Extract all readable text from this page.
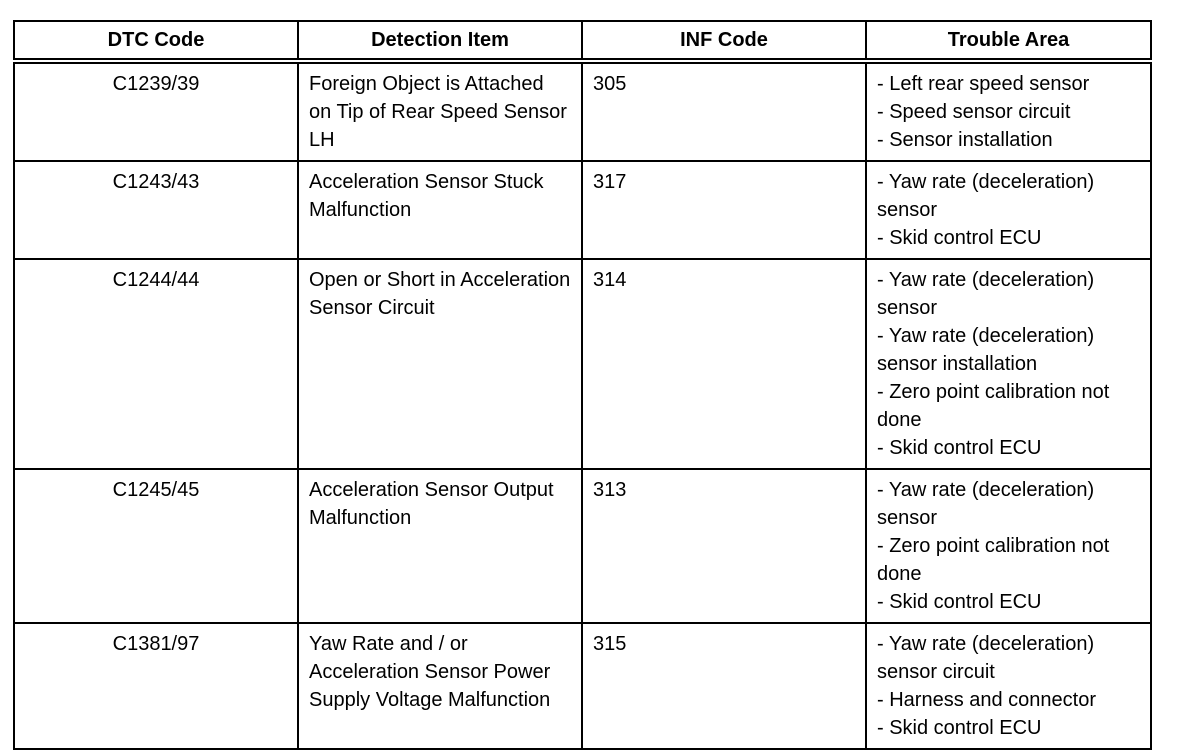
DTC Code	Detection Item	INF Code	Trouble Area
C1239/39	Foreign Object is Attached on Tip of Rear Speed Sensor LH	305	- Left rear speed sensor
- Speed sensor circuit
- Sensor installation

C1243/43	Acceleration Sensor Stuck Malfunction	317	- Yaw rate (deceleration) sensor
- Skid control ECU

C1244/44	Open or Short in Acceleration Sensor Circuit	314	- Yaw rate (deceleration) sensor
- Yaw rate (deceleration) sensor installation
- Zero point calibration not done
- Skid control ECU

C1245/45	Acceleration Sensor Output Malfunction	313	- Yaw rate (deceleration) sensor
- Zero point calibration not done
- Skid control ECU

C1381/97	Yaw Rate and / or Acceleration Sensor Power Supply Voltage Malfunction	315	- Yaw rate (deceleration) sensor circuit
- Harness and connector
- Skid control ECU
